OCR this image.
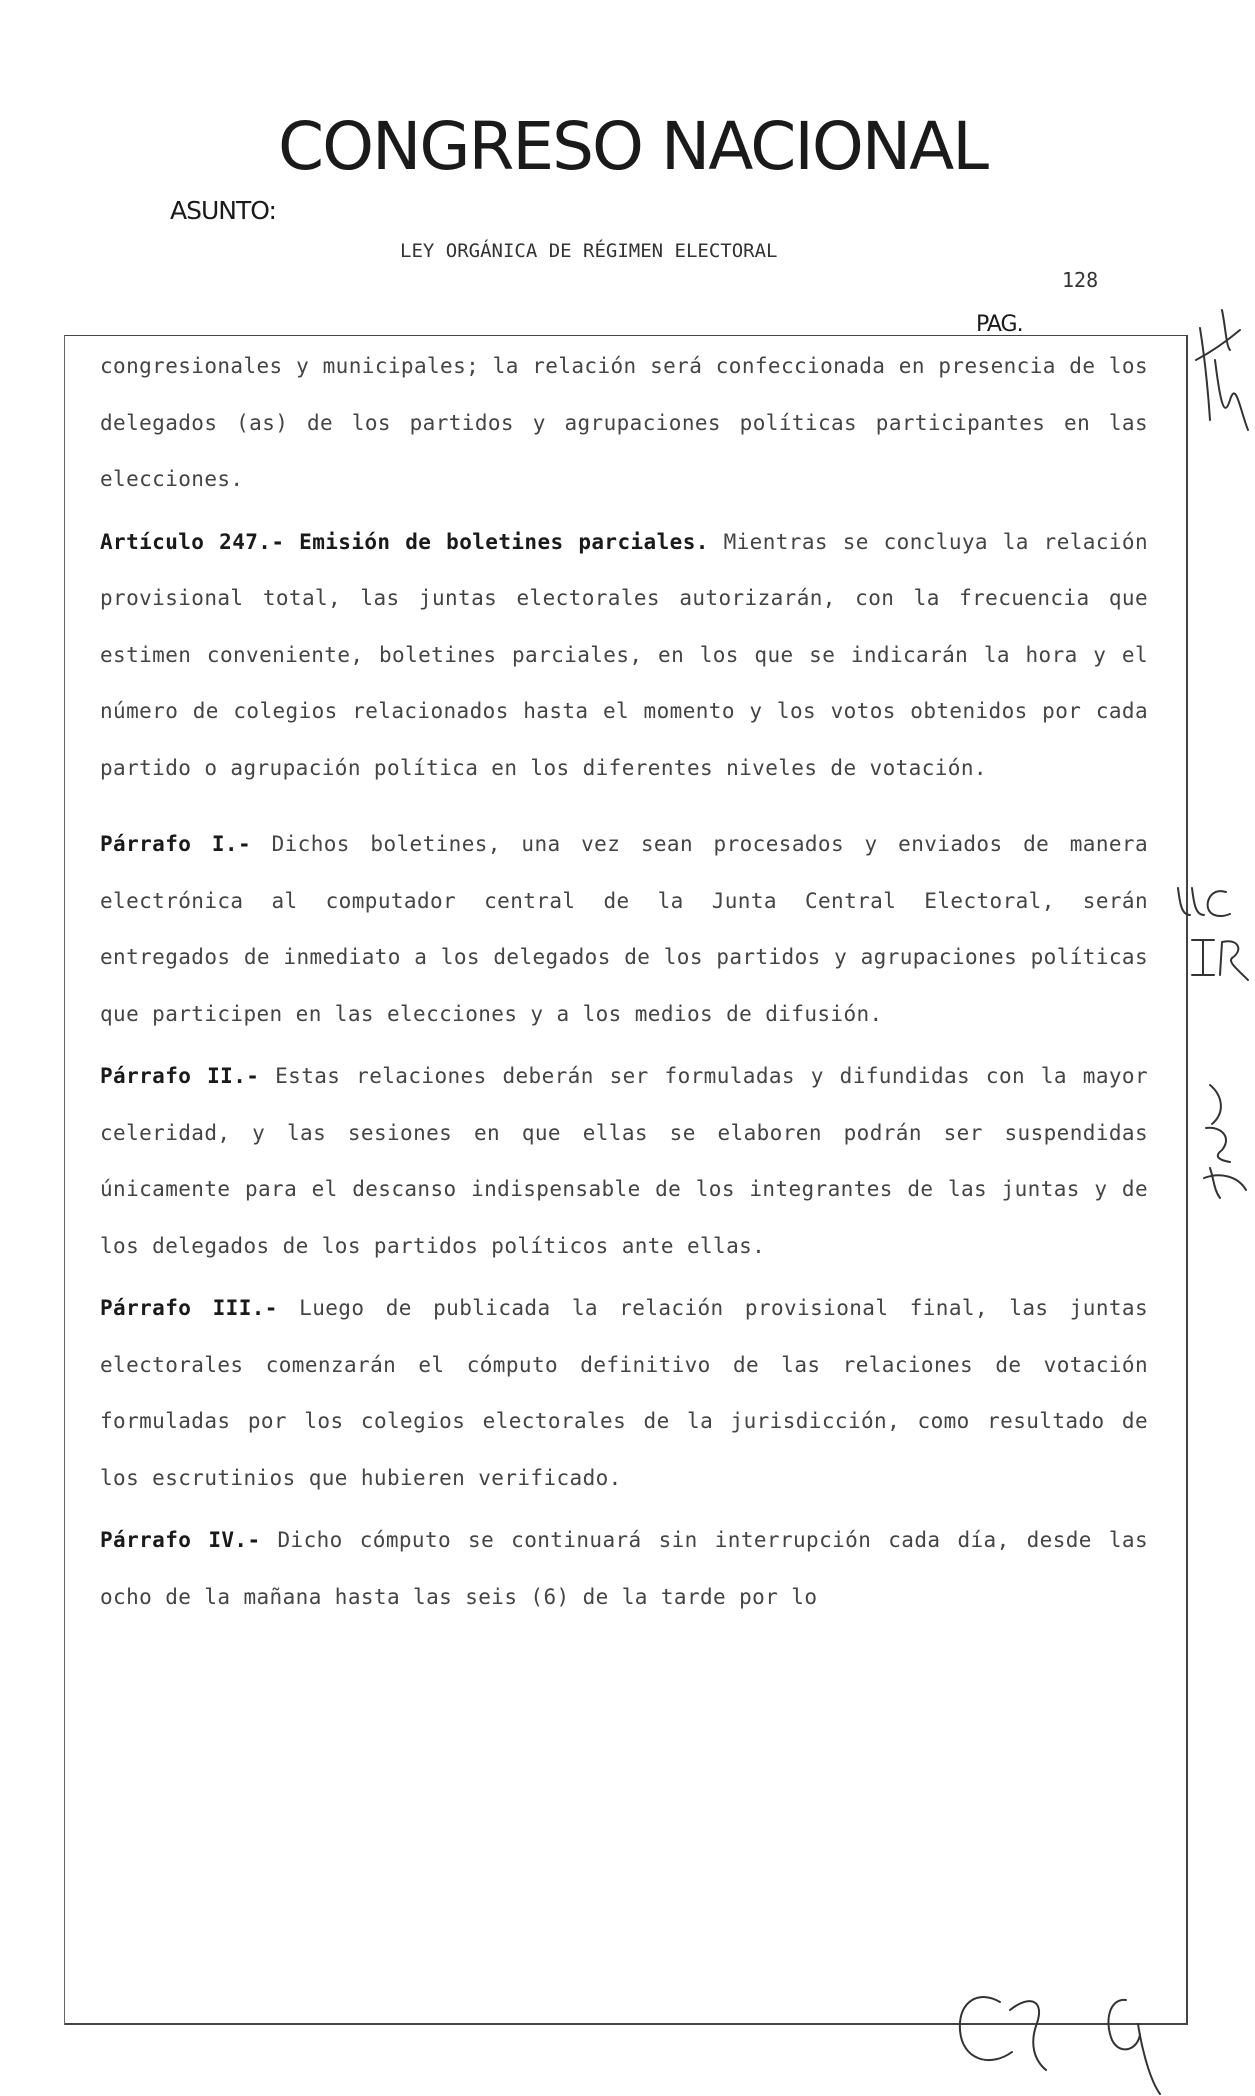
CONGRESO NACIONAL
ASUNTO:
LEY ORGÁNICA DE RÉGIMEN ELECTORAL
128
PAG.

congresionales y municipales; la relación será confeccionada en presencia de los delegados (as) de los partidos y agrupaciones políticas participantes en las elecciones.

Artículo 247.- Emisión de boletines parciales. Mientras se concluya la relación provisional total, las juntas electorales autorizarán, con la frecuencia que estimen conveniente, boletines parciales, en los que se indicarán la hora y el número de colegios relacionados hasta el momento y los votos obtenidos por cada partido o agrupación política en los diferentes niveles de votación.

Párrafo I.- Dichos boletines, una vez sean procesados y enviados de manera electrónica al computador central de la Junta Central Electoral, serán entregados de inmediato a los delegados de los partidos y agrupaciones políticas que participen en las elecciones y a los medios de difusión.

Párrafo II.- Estas relaciones deberán ser formuladas y difundidas con la mayor celeridad, y las sesiones en que ellas se elaboren podrán ser suspendidas únicamente para el descanso indispensable de los integrantes de las juntas y de los delegados de los partidos políticos ante ellas.

Párrafo III.- Luego de publicada la relación provisional final, las juntas electorales comenzarán el cómputo definitivo de las relaciones de votación formuladas por los colegios electorales de la jurisdicción, como resultado de los escrutinios que hubieren verificado.

Párrafo IV.- Dicho cómputo se continuará sin interrupción cada día, desde las ocho de la mañana hasta las seis (6) de la tarde por lo
